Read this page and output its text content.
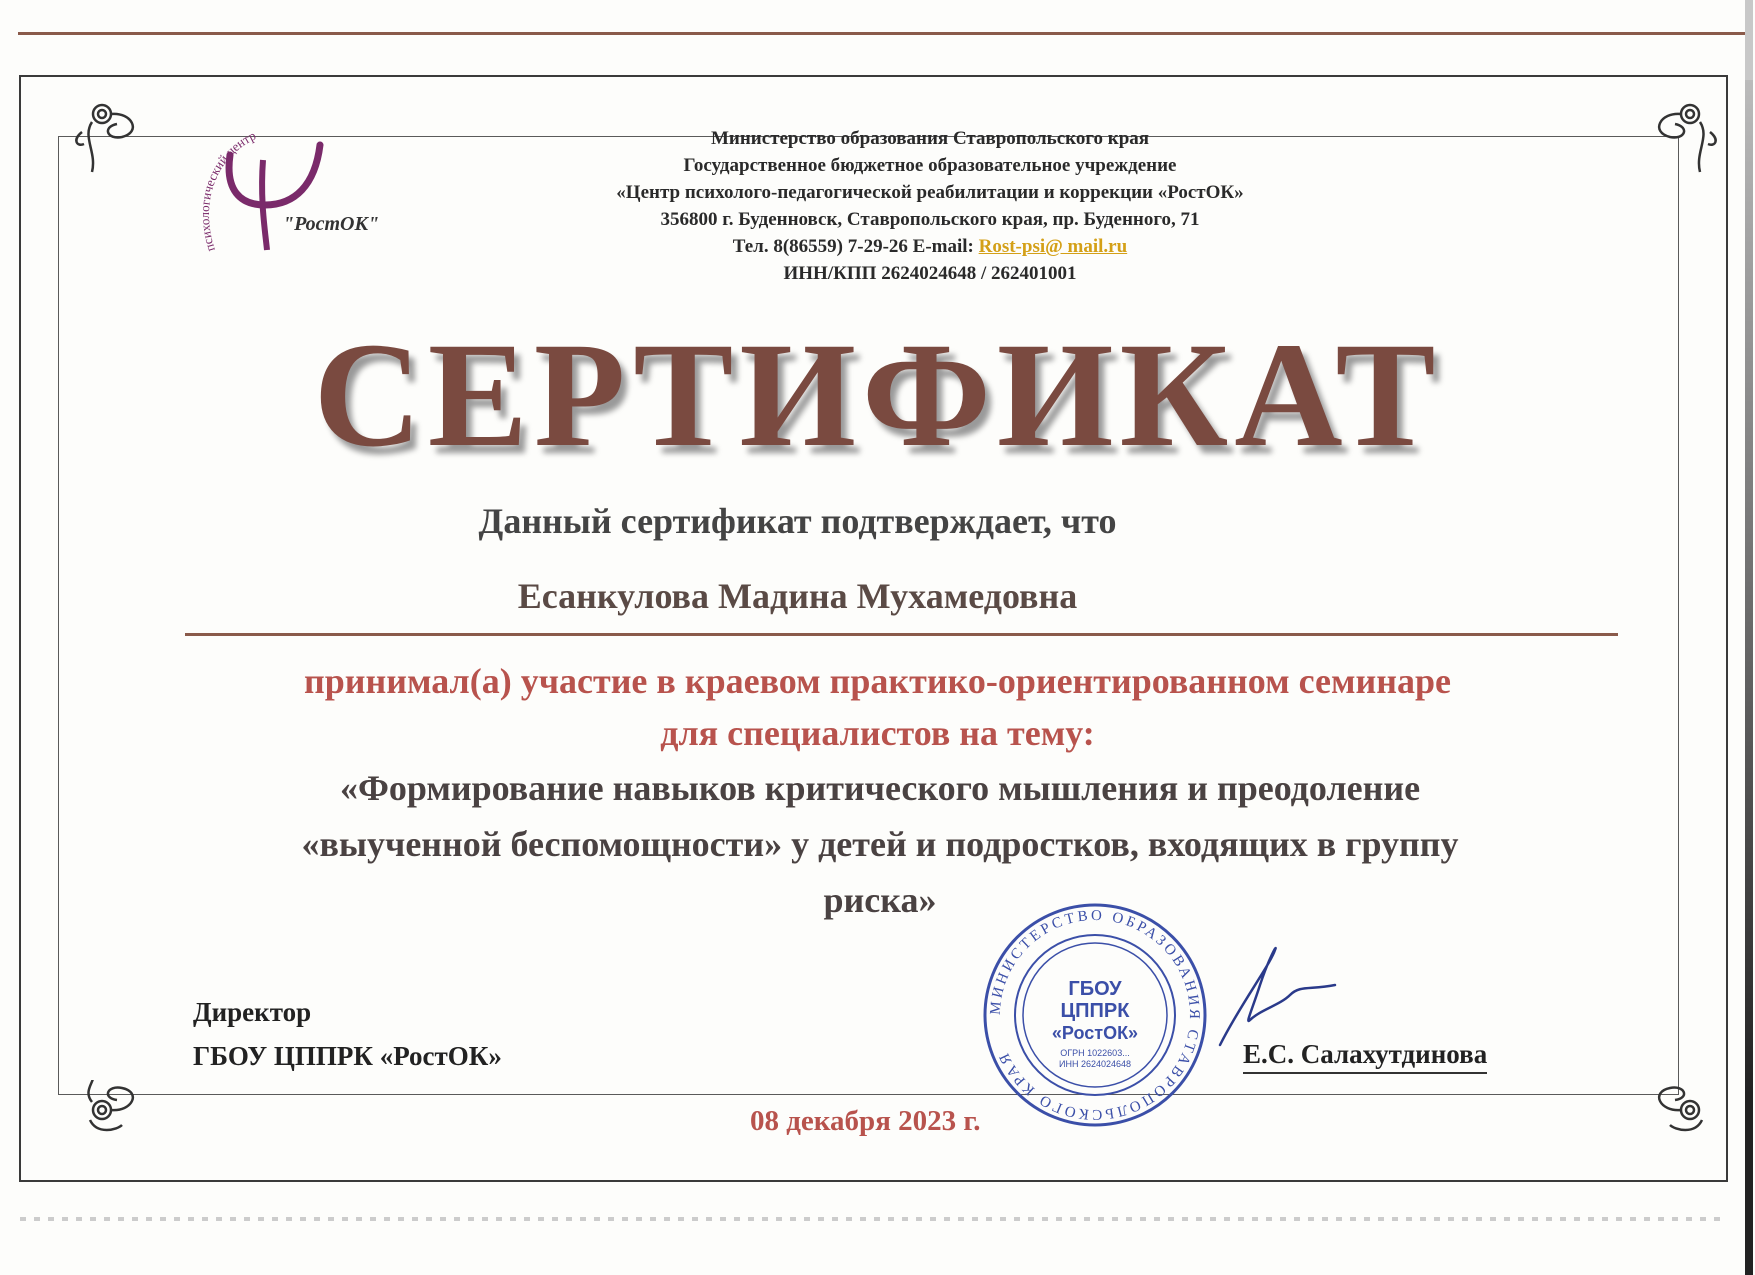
психологический центр
"РостОК"
Министерство образования Ставропольского края
Государственное бюджетное образовательное учреждение
«Центр психолого-педагогической реабилитации и коррекции «РостОК»
356800 г. Буденновск, Ставропольского края, пр. Буденного, 71
Тел. 8(86559) 7-29-26 E-mail: Rost-psi@ mail.ru
ИНН/КПП 2624024648 / 262401001
СЕРТИФИКАТ
Данный сертификат подтверждает, что
Есанкулова Мадина Мухамедовна
принимал(а) участие в краевом практико-ориентированном семинаре
для специалистов на тему:
«Формирование навыков критического мышления и преодоление
«выученной беспомощности» у детей и подростков, входящих в группу
риска»
Директор
ГБОУ ЦППРК «РостОК»
МИНИСТЕРСТВО ОБРАЗОВАНИЯ СТАВРОПОЛЬСКОГО КРАЯ
ГБОУ
ЦППРК
«РостОК»
ОГРН 1022603...
ИНН 2624024648	Е.С. Салахутдинова
08 декабря 2023 г.
